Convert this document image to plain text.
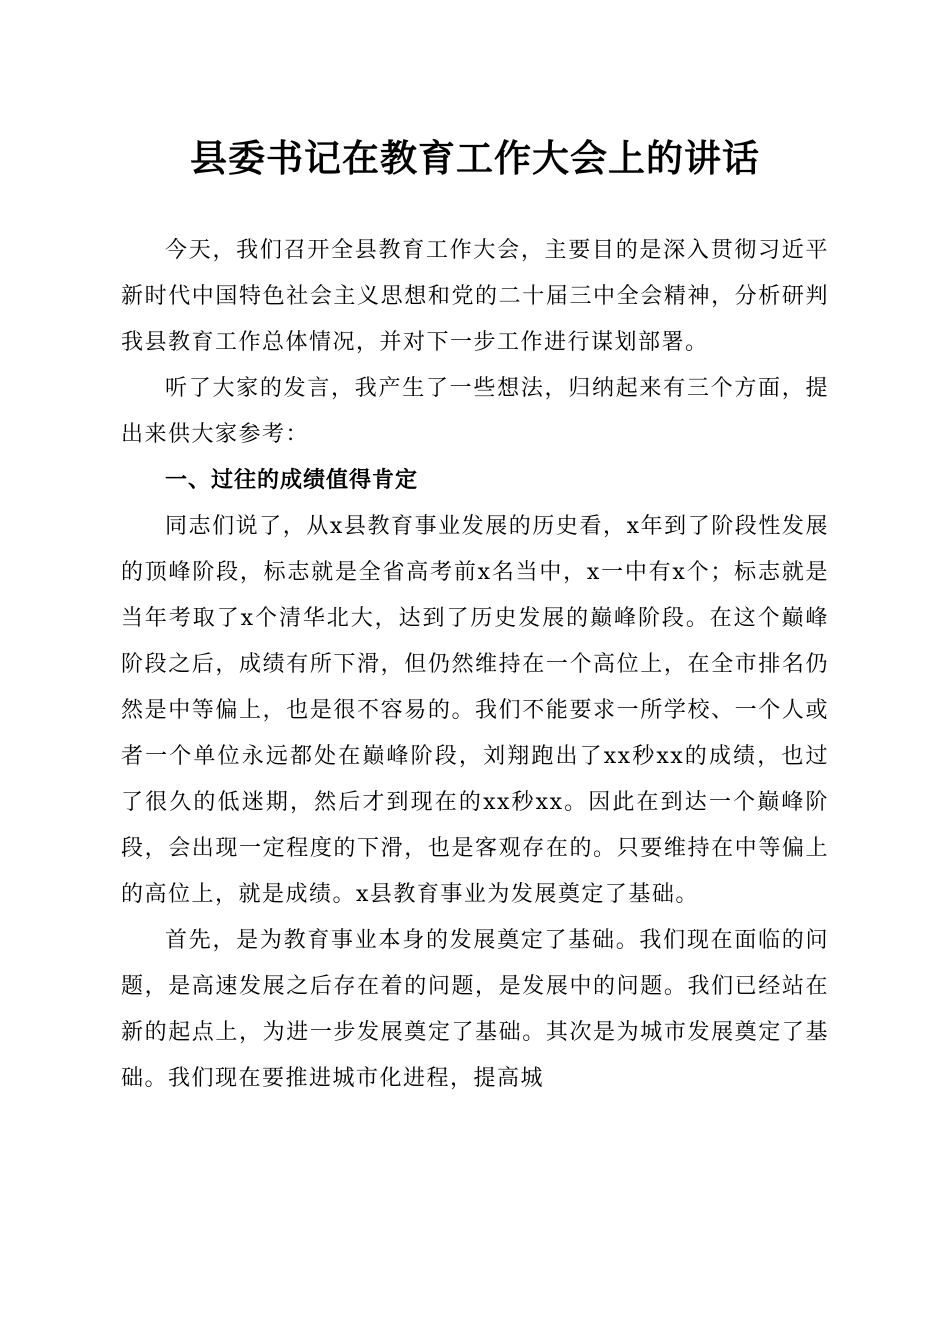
县委书记在教育工作大会上的讲话

今天，我们召开全县教育工作大会，主要目的是深入贯彻习近平新时代中国特色社会主义思想和党的二十届三中全会精神，分析研判我县教育工作总体情况，并对下一步工作进行谋划部署。

听了大家的发言，我产生了一些想法，归纳起来有三个方面，提出来供大家参考：

一、过往的成绩值得肯定

同志们说了，从x县教育事业发展的历史看，x年到了阶段性发展的顶峰阶段，标志就是全省高考前x名当中，x一中有x个；标志就是当年考取了x个清华北大，达到了历史发展的巅峰阶段。在这个巅峰阶段之后，成绩有所下滑，但仍然维持在一个高位上，在全市排名仍然是中等偏上，也是很不容易的。我们不能要求一所学校、一个人或者一个单位永远都处在巅峰阶段，刘翔跑出了xx秒xx的成绩，也过了很久的低迷期，然后才到现在的xx秒xx。因此在到达一个巅峰阶段，会出现一定程度的下滑，也是客观存在的。只要维持在中等偏上的高位上，就是成绩。x县教育事业为发展奠定了基础。

首先，是为教育事业本身的发展奠定了基础。我们现在面临的问题，是高速发展之后存在着的问题，是发展中的问题。我们已经站在新的起点上，为进一步发展奠定了基础。其次是为城市发展奠定了基础。我们现在要推进城市化进程，提高城
